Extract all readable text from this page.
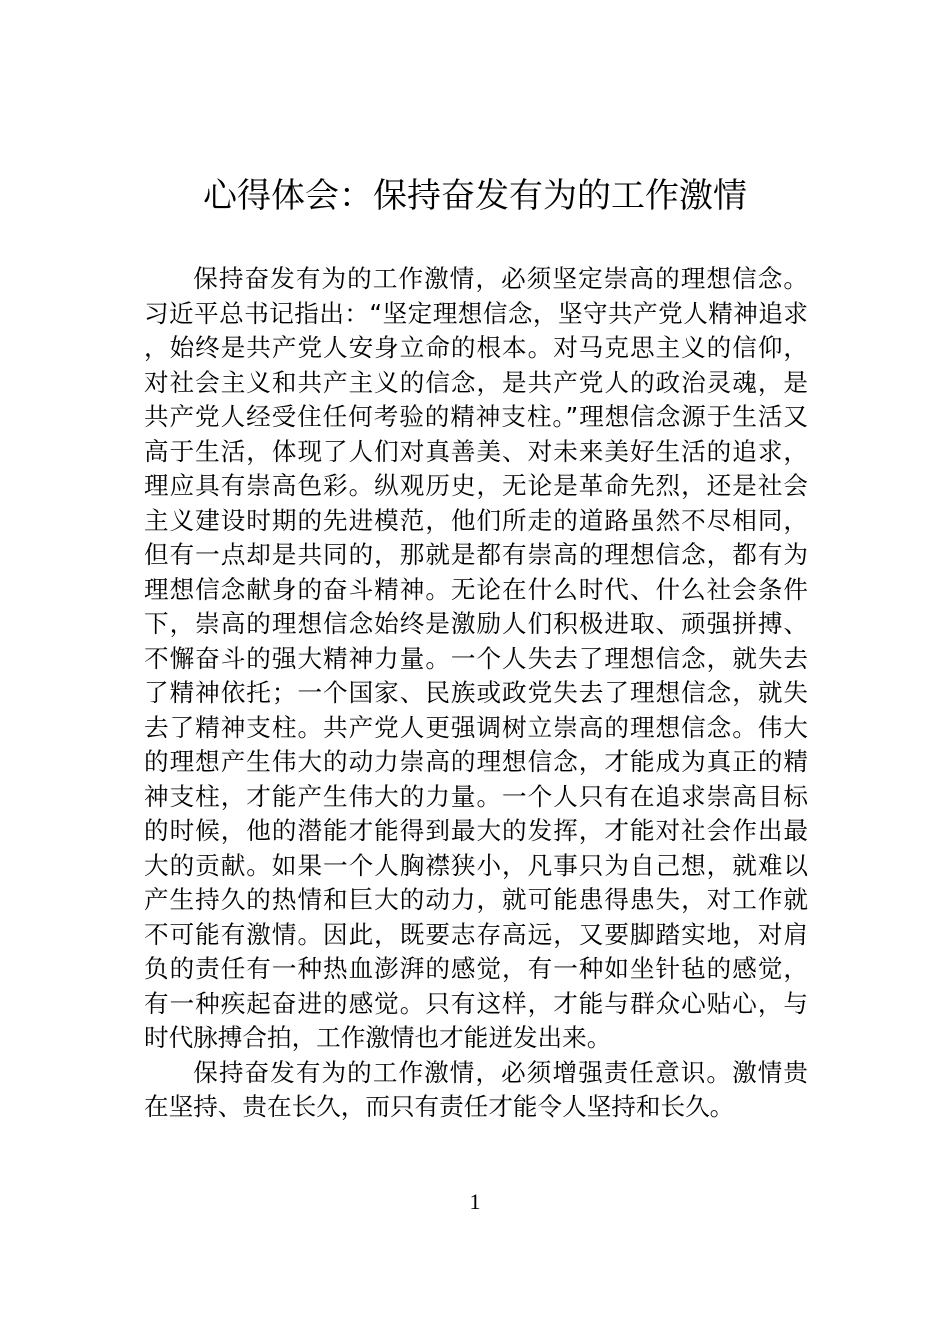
心得体会：保持奋发有为的工作激情

保持奋发有为的工作激情，必须坚定崇高的理想信念。习近平总书记指出：“坚定理想信念，坚守共产党人精神追求，始终是共产党人安身立命的根本。对马克思主义的信仰，对社会主义和共产主义的信念，是共产党人的政治灵魂，是共产党人经受住任何考验的精神支柱。”理想信念源于生活又高于生活，体现了人们对真善美、对未来美好生活的追求，理应具有崇高色彩。纵观历史，无论是革命先烈，还是社会主义建设时期的先进模范，他们所走的道路虽然不尽相同，但有一点却是共同的，那就是都有崇高的理想信念，都有为理想信念献身的奋斗精神。无论在什么时代、什么社会条件下，崇高的理想信念始终是激励人们积极进取、顽强拼搏、不懈奋斗的强大精神力量。一个人失去了理想信念，就失去了精神依托；一个国家、民族或政党失去了理想信念，就失去了精神支柱。共产党人更强调树立崇高的理想信念。伟大的理想产生伟大的动力崇高的理想信念，才能成为真正的精神支柱，才能产生伟大的力量。一个人只有在追求崇高目标的时候，他的潜能才能得到最大的发挥，才能对社会作出最大的贡献。如果一个人胸襟狭小，凡事只为自己想，就难以产生持久的热情和巨大的动力，就可能患得患失，对工作就不可能有激情。因此，既要志存高远，又要脚踏实地，对肩负的责任有一种热血澎湃的感觉，有一种如坐针毡的感觉，有一种疾起奋进的感觉。只有这样，才能与群众心贴心，与时代脉搏合拍，工作激情也才能迸发出来。

保持奋发有为的工作激情，必须增强责任意识。激情贵在坚持、贵在长久，而只有责任才能令人坚持和长久。

1
